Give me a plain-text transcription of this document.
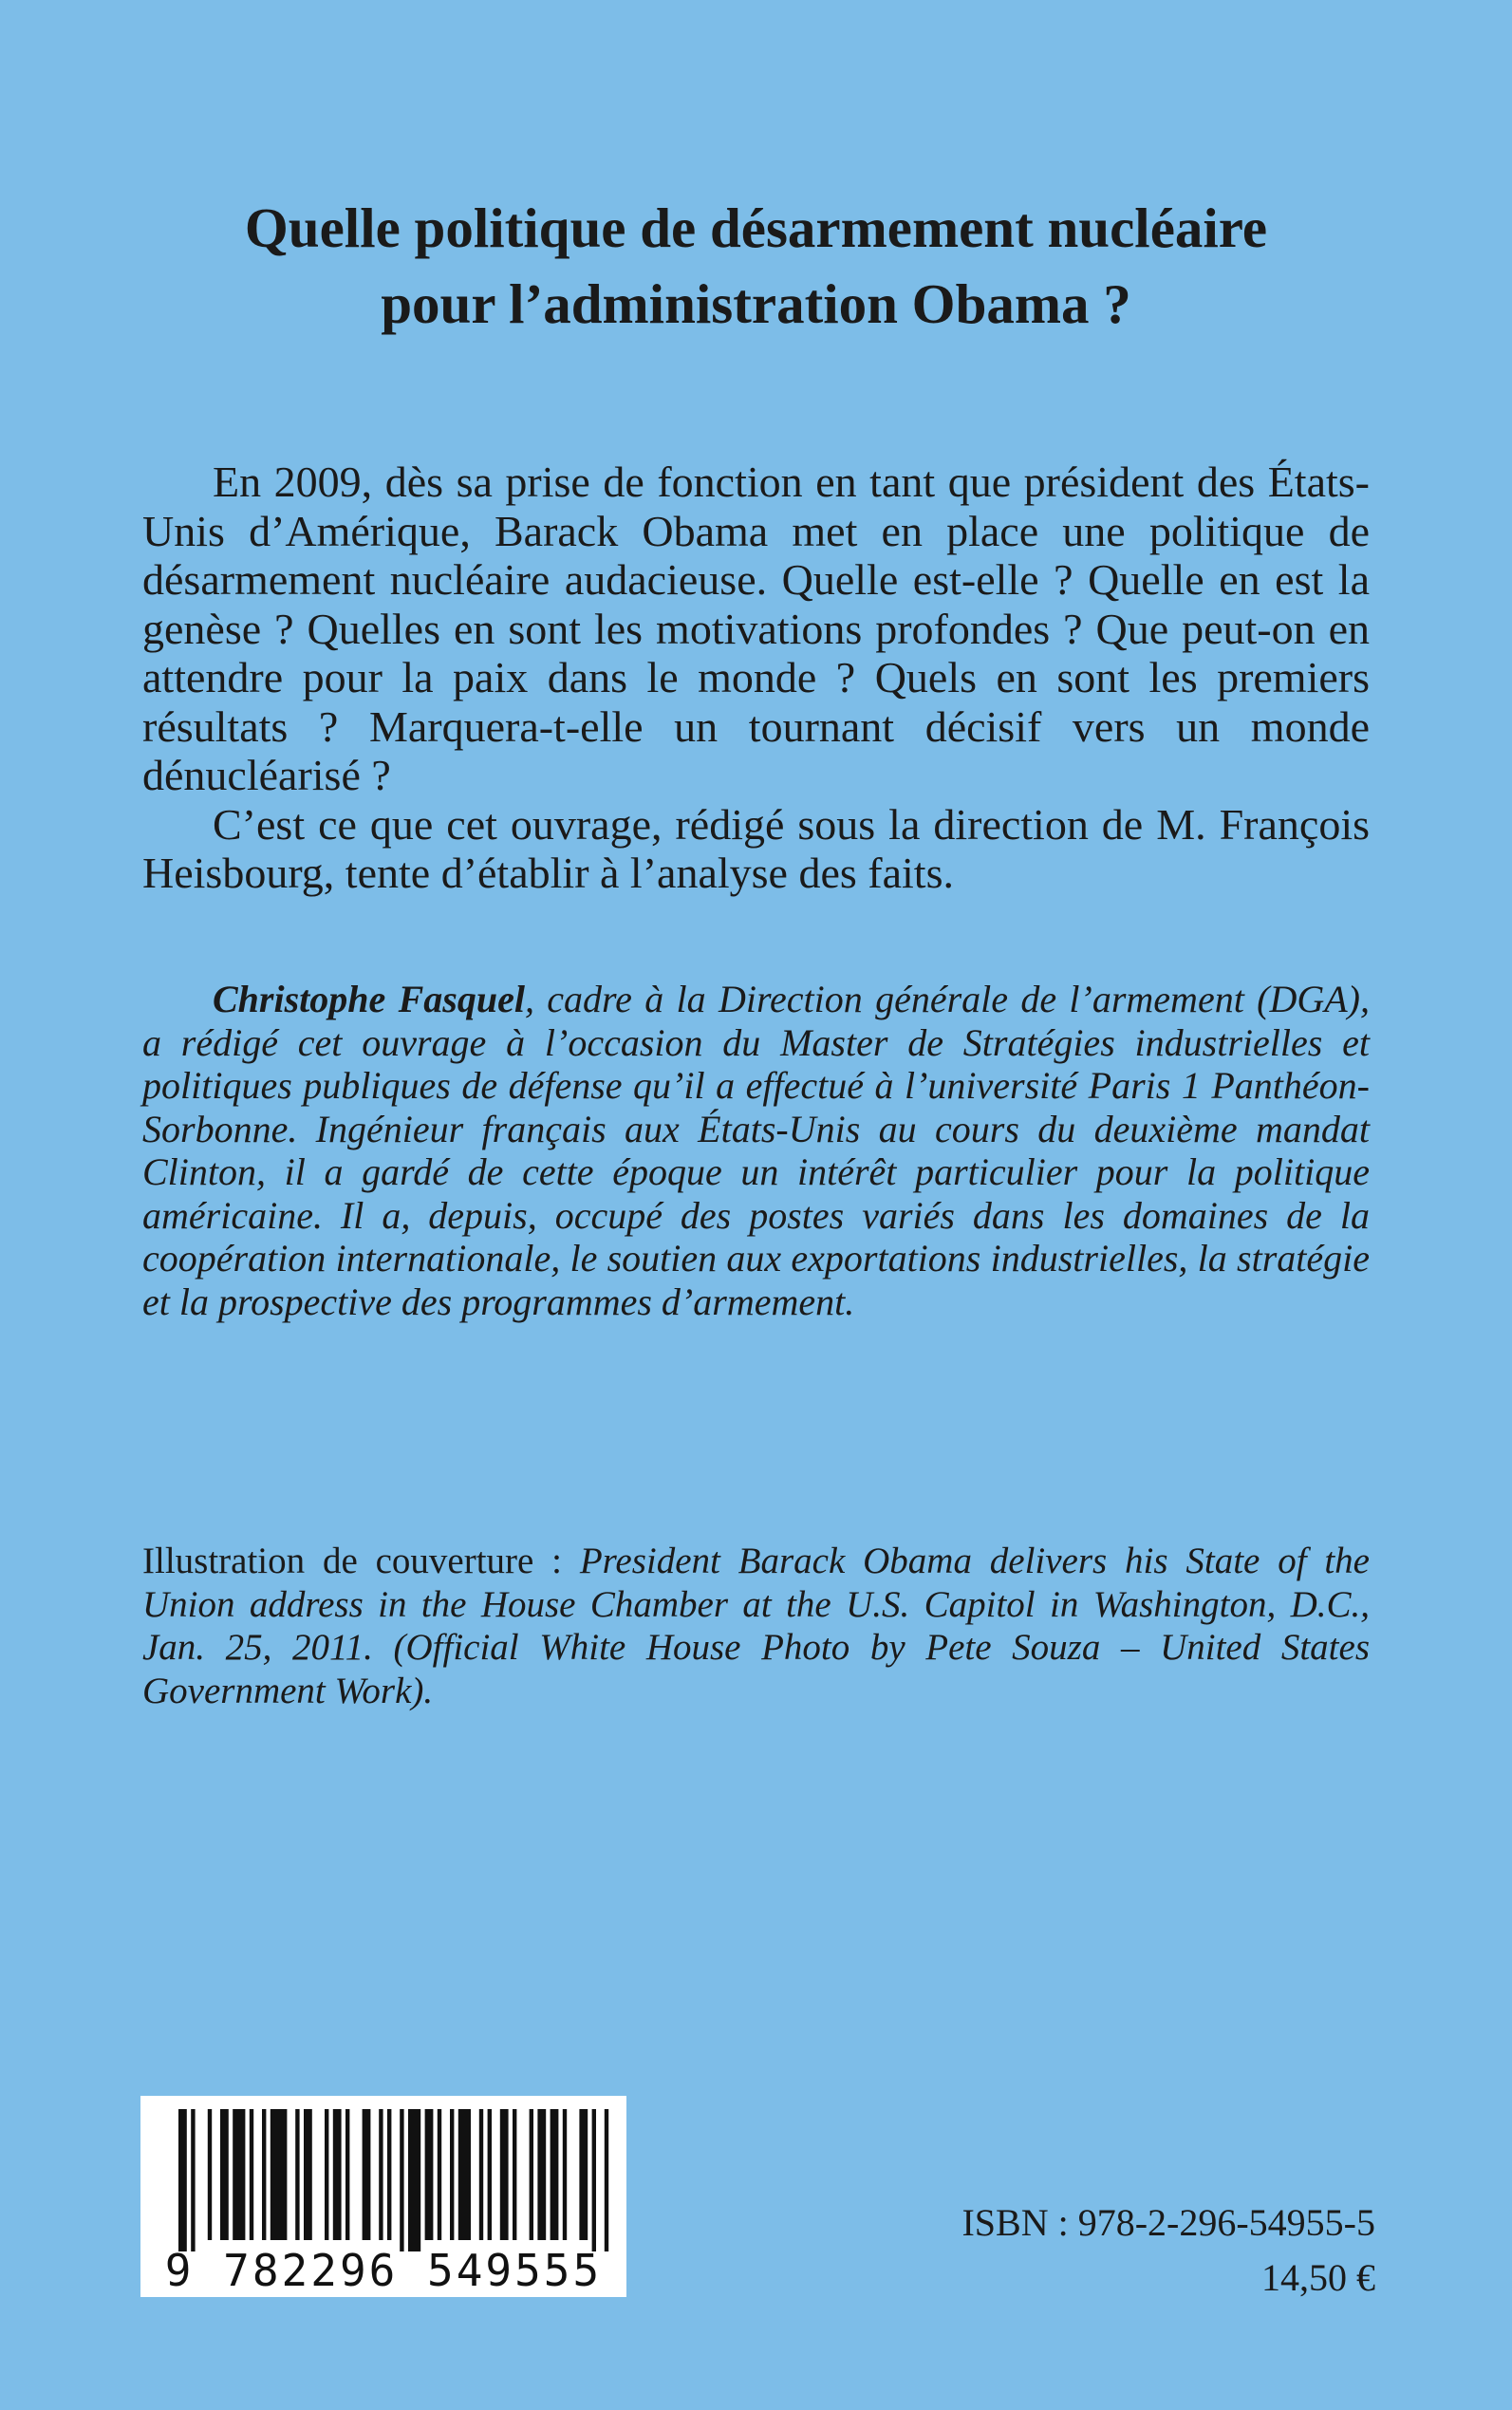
Quelle politique de désarmement nucléaire
pour l’administration Obama ?

En 2009, dès sa prise de fonction en tant que président des États-Unis d’Amérique, Barack Obama met en place une politique de désarmement nucléaire audacieuse. Quelle est-elle ? Quelle en est la genèse ? Quelles en sont les motivations profondes ? Que peut-on en attendre pour la paix dans le monde ? Quels en sont les premiers résultats ? Marquera-t-elle un tournant décisif vers un monde dénucléarisé ?

C’est ce que cet ouvrage, rédigé sous la direction de M. François Heisbourg, tente d’établir à l’analyse des faits.

Christophe Fasquel, cadre à la Direction générale de l’armement (DGA), a rédigé cet ouvrage à l’occasion du Master de Stratégies industrielles et politiques publiques de défense qu’il a effectué à l’université Paris 1 Panthéon-Sorbonne. Ingénieur français aux États-Unis au cours du deuxième mandat Clinton, il a gardé de cette époque un intérêt particulier pour la politique américaine. Il a, depuis, occupé des postes variés dans les domaines de la coopération internationale, le soutien aux exportations industrielles, la stratégie et la prospective des programmes d’armement.

Illustration de couverture : President Barack Obama delivers his State of the Union address in the House Chamber at the U.S. Capitol in Washington, D.C., Jan. 25, 2011. (Official White House Photo by Pete Souza – United States Government Work).

9 782296 549555

ISBN : 978-2-296-54955-5

14,50 €
